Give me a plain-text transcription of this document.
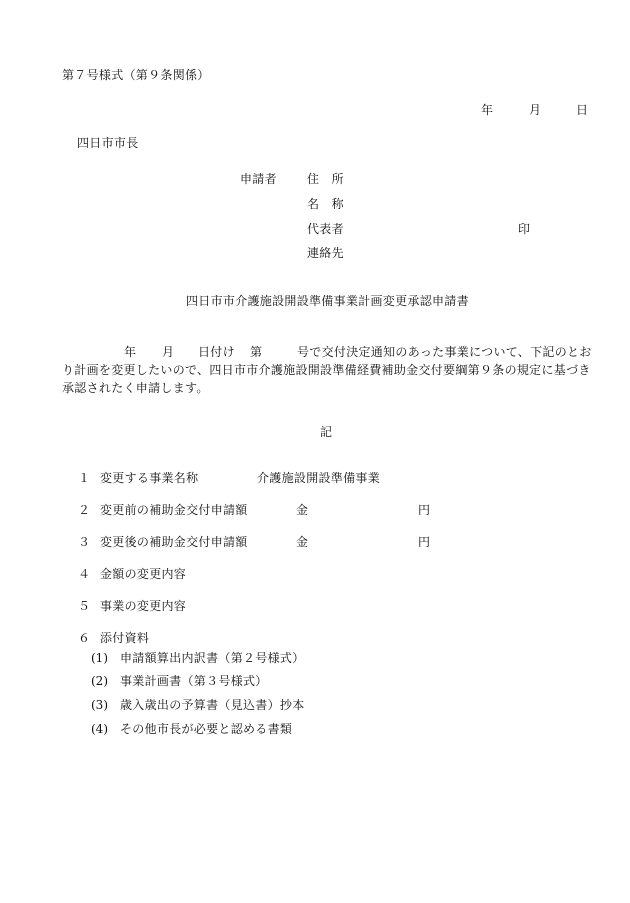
第７号様式（第９条関係）
年	月	日
四日市市長
申請者	住　所
名　称
代表者	印
連絡先
四日市市介護施設開設準備事業計画変更承認申請書
年 月 日付け 第	号で交付決定通知のあった事業について、下記のとお
り計画を変更したいので、四日市市介護施設開設準備経費補助金交付要綱第９条の規定に基づき
承認されたく申請します。
記
１ 変更する事業名称	介護施設開設準備事業
２ 変更前の補助金交付申請額	金	円
３ 変更後の補助金交付申請額	金	円
４ 金額の変更内容
５ 事業の変更内容
６ 添付資料
(1) 申請額算出内訳書（第２号様式）
(2) 事業計画書（第３号様式）
(3) 歳入歳出の予算書（見込書）抄本
(4) その他市長が必要と認める書類
